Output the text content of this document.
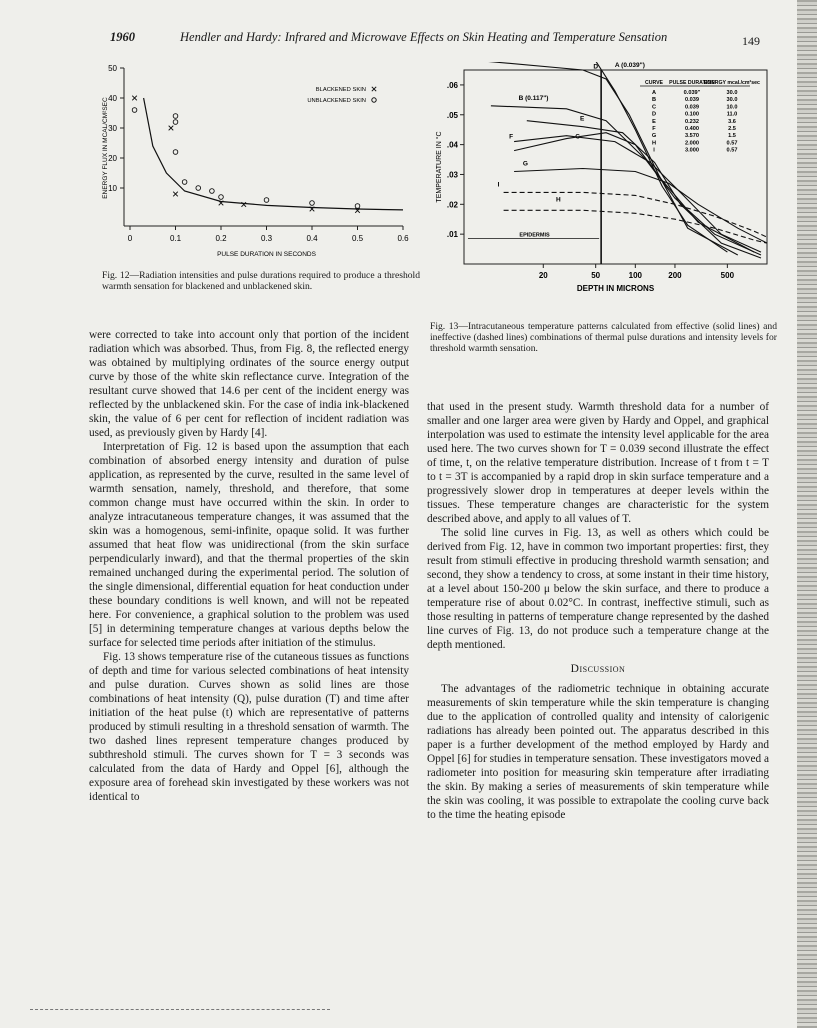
1960	Hendler and Hardy: Infrared and Microwave Effects on Skin Heating and Temperature Sensation	149
0	0.1	0.2	0.3	0.4	0.5	0.6
10
20
30
40
50
PULSE DURATION IN SECONDS
ENERGY FLUX IN MCAL/CM²SEC
BLACKENED SKIN
UNBLACKENED SKIN
Fig. 12—Radiation intensities and pulse durations required to produce a threshold warmth sensation for blackened and unblackened skin.
20	50	100	200	500
.01
.02
.03
.04
.05
.06
DEPTH IN MICRONS
TEMPERATURE IN °C
EPIDERMIS
A (0.039")
B (0.117")
C
D
E
F
G
H
I
CURVE PULSE DURATION
ENERGY mcal./cm²sec
A	0.039"	30.0
B	0.039	30.0
C	0.039	10.0
D	0.100	11.0
E	0.232	3.6
F	0.400	2.5
G	3.570	1.5
H	2.000	0.57
I	3.000	0.57
Fig. 13—Intracutaneous temperature patterns calculated from effective (solid lines) and ineffective (dashed lines) combinations of thermal pulse durations and intensity levels for threshold warmth sensation.

were corrected to take into account only that portion of the incident radiation which was absorbed. Thus, from Fig. 8, the reflected energy was obtained by multiplying ordinates of the source energy output curve by those of the white skin reflectance curve. Integration of the resultant curve showed that 14.6 per cent of the incident energy was reflected by the unblackened skin. For the case of india ink-blackened skin, the value of 6 per cent for reflection of incident radiation was used, as previously given by Hardy [4].

Interpretation of Fig. 12 is based upon the assumption that each combination of absorbed energy intensity and duration of pulse application, as represented by the curve, resulted in the same level of warmth sensation, namely, threshold, and therefore, that some common change must have occurred within the skin. In order to analyze intracutaneous temperature changes, it was assumed that the skin was a homogenous, semi-infinite, opaque solid. It was further assumed that heat flow was unidirectional (from the skin surface perpendicularly inward), and that the thermal properties of the skin remained unchanged during the experimental period. The solution of the single dimensional, differential equation for heat conduction under these boundary conditions is well known, and will not be repeated here. For convenience, a graphical solution to the problem was used [5] in determining temperature changes at various depths below the surface for selected time periods after initiation of the stimulus.

Fig. 13 shows temperature rise of the cutaneous tissues as functions of depth and time for various selected combinations of heat intensity and pulse duration. Curves shown as solid lines are those combinations of heat intensity (Q), pulse duration (T) and time after initiation of the heat pulse (t) which are representative of patterns produced by stimuli resulting in a threshold sensation of warmth. The two dashed lines represent temperature changes produced by subthreshold stimuli. The curves shown for T = 3 seconds was calculated from the data of Hardy and Oppel [6], although the exposure area of forehead skin investigated by these workers was not identical to

that used in the present study. Warmth threshold data for a number of smaller and one larger area were given by Hardy and Oppel, and graphical interpolation was used to estimate the intensity level applicable for the area used here. The two curves shown for T = 0.039 second illustrate the effect of time, t, on the relative temperature distribution. Increase of t from t = T to t = 3T is accompanied by a rapid drop in skin surface temperature and a progressively slower drop in temperatures at deeper levels within the tissues. These temperature changes are characteristic for the system described above, and apply to all values of T.

The solid line curves in Fig. 13, as well as others which could be derived from Fig. 12, have in common two important properties: first, they result from stimuli effective in producing threshold warmth sensation; and second, they show a tendency to cross, at some instant in their time history, at a level about 150-200 μ below the skin surface, and there to produce a temperature rise of about 0.02°C. In contrast, ineffective stimuli, such as those resulting in patterns of temperature change represented by the dashed line curves of Fig. 13, do not produce such a temperature change at the depth mentioned.

Discussion

The advantages of the radiometric technique in obtaining accurate measurements of skin temperature while the skin temperature is changing due to the application of controlled quality and intensity of calorigenic radiations has already been pointed out. The apparatus described in this paper is a further development of the method employed by Hardy and Oppel [6] for studies in temperature sensation. These investigators moved a radiometer into position for measuring skin temperature after irradiating the skin. By making a series of measurements of skin temperature while the skin was cooling, it was possible to extrapolate the cooling curve back to the time the heating episode
